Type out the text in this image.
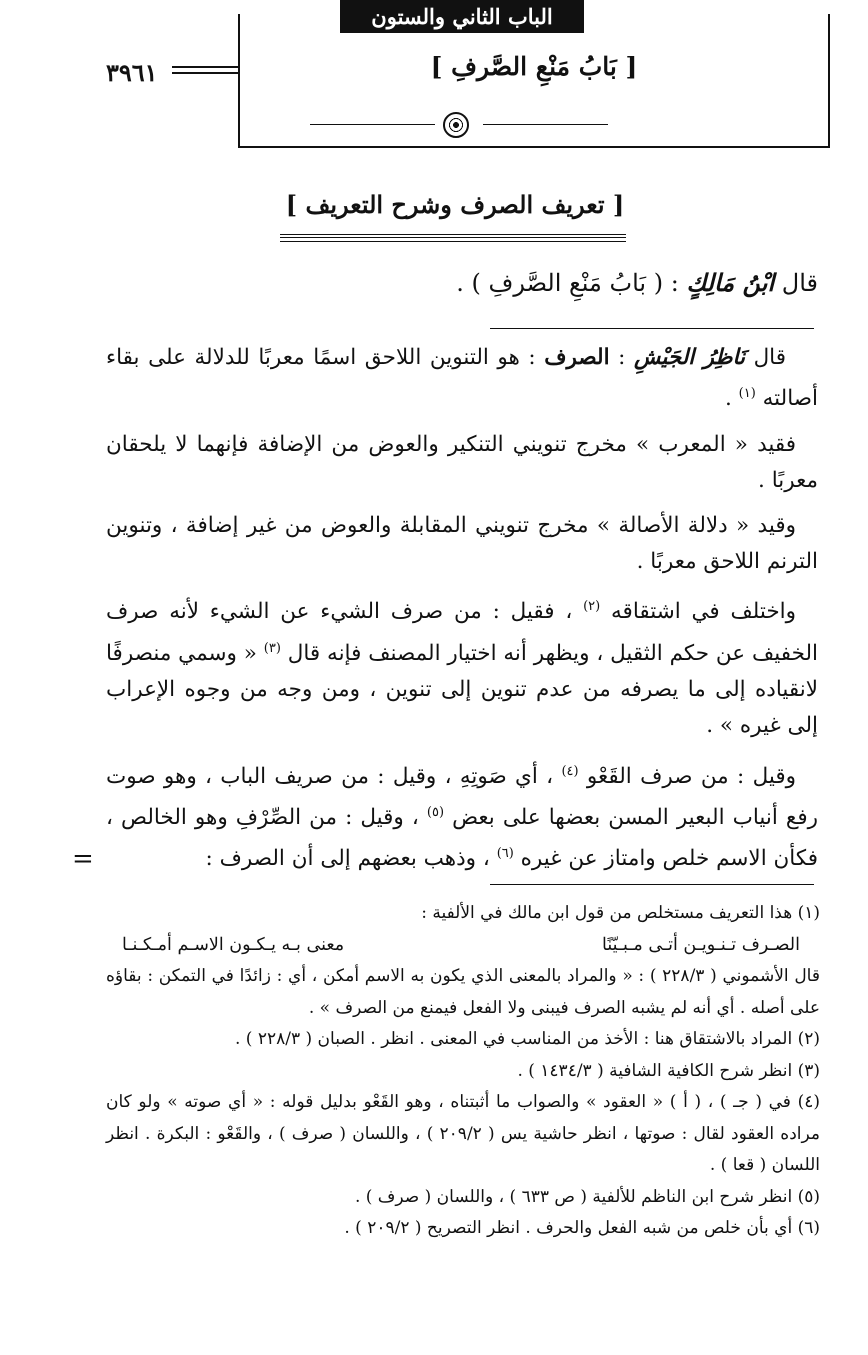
الباب الثاني والستون
[ بَابُ مَنْعِ الصَّرفِ ]
٣٩٦١
[ تعريف الصرف وشرح التعريف ]
قال ابْنُ مَالِكٍ : ( بَابُ مَنْعِ الصَّرفِ ) .

قال نَاظِرُ الجَيْشِ : الصرف : هو التنوين اللاحق اسمًا معربًا للدلالة على بقاء أصالته $^{(١)}$ .

فقيد « المعرب » مخرج تنويني التنكير والعوض من الإضافة فإنهما لا يلحقان معربًا .

وقيد « دلالة الأصالة » مخرج تنويني المقابلة والعوض من غير إضافة ، وتنوين الترنم اللاحق معربًا .

واختلف في اشتقاقه $^{(٢)}$ ، فقيل : من صرف الشيء عن الشيء لأنه صرف الخفيف عن حكم الثقيل ، ويظهر أنه اختيار المصنف فإنه قال $^{(٣)}$ « وسمي منصرفًا لانقياده إلى ما يصرفه من عدم تنوين إلى تنوين ، ومن وجه من وجوه الإعراب إلى غيره » .

وقيل : من صرف القَعْو $^{(٤)}$ ، أي صَوتِهِ ، وقيل : من صريف الباب ، وهو صوت رفع أنياب البعير المسن بعضها على بعض $^{(٥)}$ ، وقيل : من الصِّرْفِ وهو الخالص ، فكأن الاسم خلص وامتاز عن غيره $^{(٦)}$ ، وذهب بعضهم إلى أن الصرف :

=

(١) هذا التعريف مستخلص من قول ابن مالك في الألفية :

الصـرف تـنـويـن أتـى مـبـيّنًا
معنى بـه يـكـون الاسـم أمـكـنـا

قال الأشموني ( ٢٢٨/٣ ) : « والمراد بالمعنى الذي يكون به الاسم أمكن ، أي : زائدًا في التمكن : بقاؤه على أصله . أي أنه لم يشبه الصرف فيبنى ولا الفعل فيمنع من الصرف » .

(٢) المراد بالاشتقاق هنا : الأخذ من المناسب في المعنى . انظر . الصبان ( ٢٢٨/٣ ) .

(٣) انظر شرح الكافية الشافية ( ١٤٣٤/٣ ) .

(٤) في ( جـ ) ، ( أ ) « العقود » والصواب ما أثبتناه ، وهو القَعْو بدليل قوله : « أي صوته » ولو كان مراده العقود لقال : صوتها ، انظر حاشية يس ( ٢٠٩/٢ ) ، واللسان ( صرف ) ، والقَعْو : البكرة . انظر اللسان ( قعا ) .

(٥) انظر شرح ابن الناظم للألفية ( ص ٦٣٣ ) ، واللسان ( صرف ) .

(٦) أي بأن خلص من شبه الفعل والحرف . انظر التصريح ( ٢٠٩/٢ ) .
